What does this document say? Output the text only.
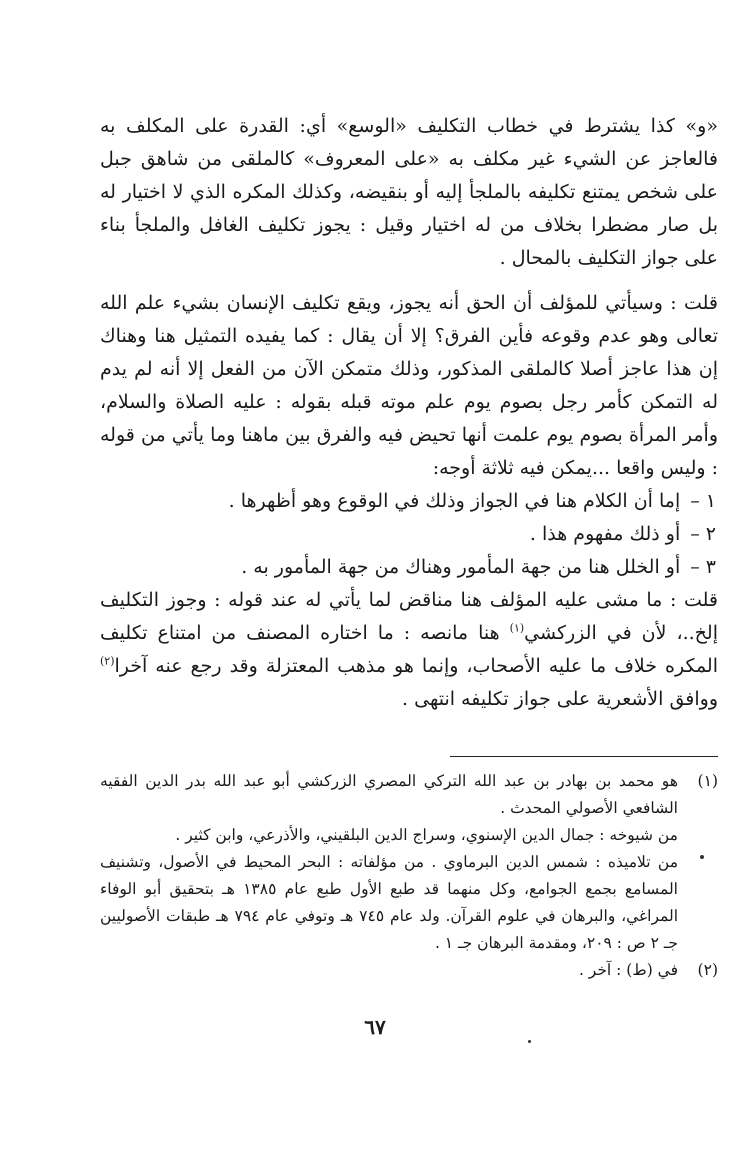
«و» كذا يشترط في خطاب التكليف «الوسع» أي: القدرة على المكلف به فالعاجز عن الشيء غير مكلف به «على المعروف» كالملقى من شاهق جبل على شخص يمتنع تكليفه بالملجأ إليه أو بنقيضه، وكذلك المكره الذي لا اختيار له بل صار مضطرا بخلاف من له اختيار وقيل : يجوز تكليف الغافل والملجأ بناء على جواز التكليف بالمحال .

قلت : وسيأتي للمؤلف أن الحق أنه يجوز، ويقع تكليف الإنسان بشيء علم الله تعالى وهو عدم وقوعه فأين الفرق؟ إلا أن يقال : كما يفيده التمثيل هنا وهناك إن هذا عاجز أصلا كالملقى المذكور، وذلك متمكن الآن من الفعل إلا أنه لم يدم له التمكن كأمر رجل بصوم يوم علم موته قبله بقوله : عليه الصلاة والسلام، وأمر المرأة بصوم يوم علمت أنها تحيض فيه والفرق بين ماهنا وما يأتي من قوله : وليس واقعا ...يمكن فيه ثلاثة أوجه:

١ –إما أن الكلام هنا في الجواز وذلك في الوقوع وهو أظهرها .
٢ –أو ذلك مفهوم هذا .
٣ –أو الخلل هنا من جهة المأمور وهناك من جهة المأمور به .

قلت : ما مشى عليه المؤلف هنا مناقض لما يأتي له عند قوله : وجوز التكليف إلخ..، لأن في الزركشي$^{(١)}$ هنا مانصه : ما اختاره المصنف من امتناع تكليف المكره خلاف ما عليه الأصحاب، وإنما هو مذهب المعتزلة وقد رجع عنه آخرا$^{(٢)}$ ووافق الأشعرية على جواز تكليفه انتهى .

(١)

هو محمد بن بهادر بن عبد الله التركي المصري الزركشي أبو عبد الله بدر الدين الفقيه الشافعي الأصولي المحدث .

من شيوخه : جمال الدين الإسنوي، وسراج الدين البلقيني، والأذرعي، وابن كثير .

من تلاميذه : شمس الدين البرماوي . من مؤلفاته : البحر المحيط في الأصول، وتشنيف المسامع بجمع الجوامع، وكل منهما قد طبع الأول طبع عام ١٣٨٥ هـ بتحقيق أبو الوفاء المراغي، والبرهان في علوم القرآن. ولد عام ٧٤٥ هـ وتوفي عام ٧٩٤ هـ طبقات الأصوليين جـ ٢ ص : ٢٠٩، ومقدمة البرهان جـ ١ .

(٢)

في (ط) : آخر .

٦٧
